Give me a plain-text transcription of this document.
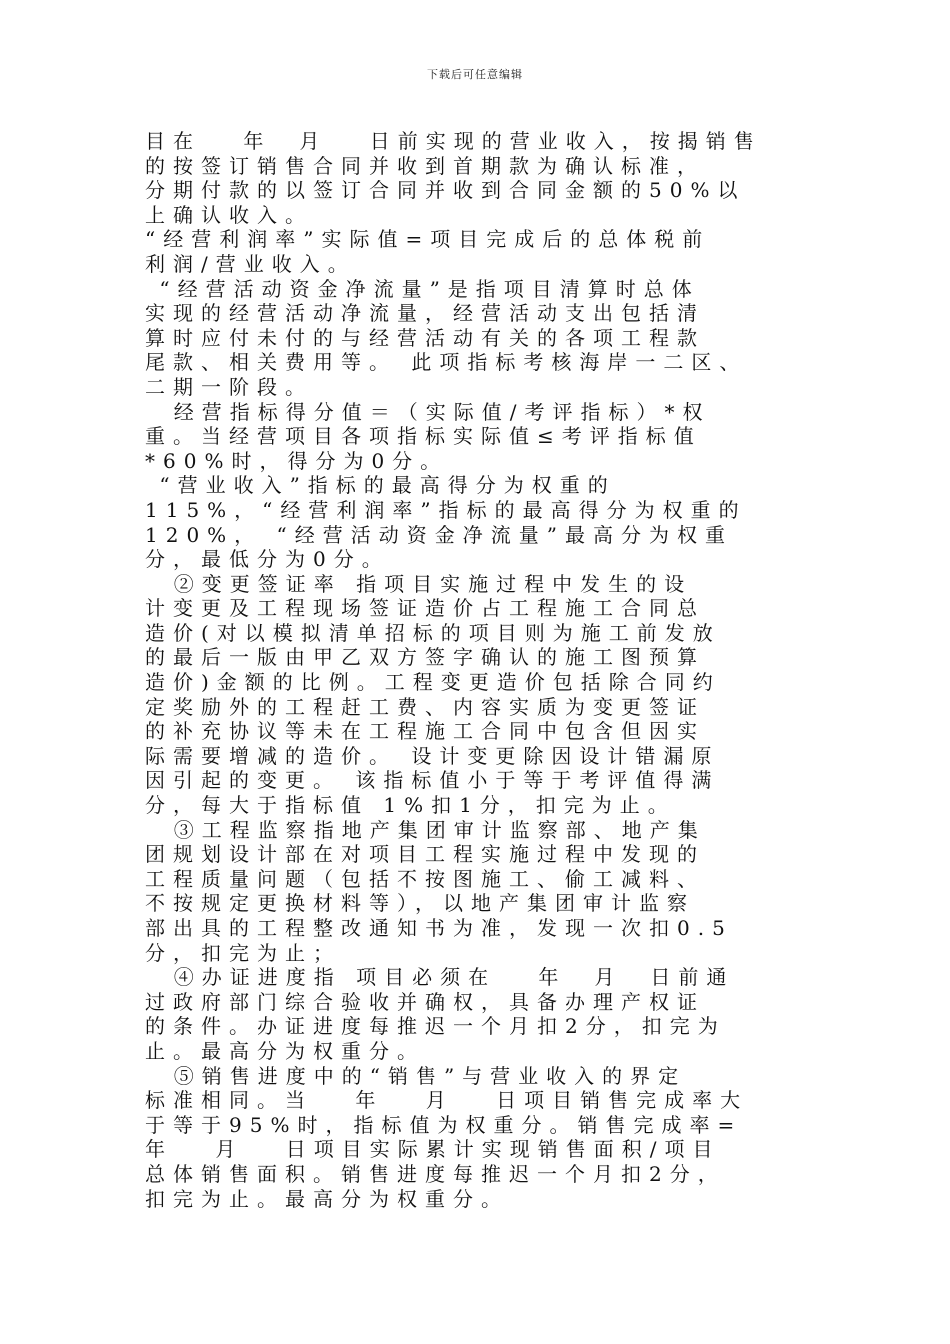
下载后可任意编辑
目在　 年　月　 日前实现的营业收入，按揭销售
的按签订销售合同并收到首期款为确认标准，
分期付款的以签订合同并收到合同金额的50%以
上确认收入。
“经营利润率”实际值=项目完成后的总体税前
利润/营业收入。
“经营活动资金净流量”是指项目清算时总体
实现的经营活动净流量，经营活动支出包括清
算时应付未付的与经营活动有关的各项工程款
尾款、相关费用等。 此项指标考核海岸一二区、
二期一阶段。
经营指标得分值＝（实际值/考评指标）*权
重。当经营项目各项指标实际值≤考评指标值
*60%时，得分为0分。
“营业收入”指标的最高得分为权重的
115%，“经营利润率”指标的最高得分为权重的
120%， “经营活动资金净流量”最高分为权重
分，最低分为0分。
②变更签证率 指项目实施过程中发生的设
计变更及工程现场签证造价占工程施工合同总
造价(对以模拟清单招标的项目则为施工前发放
的最后一版由甲乙双方签字确认的施工图预算
造价)金额的比例。工程变更造价包括除合同约
定奖励外的工程赶工费、内容实质为变更签证
的补充协议等未在工程施工合同中包含但因实
际需要增减的造价。 设计变更除因设计错漏原
因引起的变更。 该指标值小于等于考评值得满
分，每大于指标值 1%扣1分，扣完为止。
③工程监察指地产集团审计监察部、地产集
团规划设计部在对项目工程实施过程中发现的
工程质量问题（包括不按图施工、偷工减料、
不按规定更换材料等），以地产集团审计监察
部出具的工程整改通知书为准，发现一次扣0.5
分，扣完为止；
④办证进度指 项目必须在　 年　月　日前通
过政府部门综合验收并确权，具备办理产权证
的条件。办证进度每推迟一个月扣2分，扣完为
止。最高分为权重分。
⑤销售进度中的“销售”与营业收入的界定
标准相同。当　 年　 月　 日项目销售完成率大
于等于95%时，指标值为权重分。销售完成率=
年　 月　 日项目实际累计实现销售面积/项目
总体销售面积。销售进度每推迟一个月扣2分，
扣完为止。最高分为权重分。
